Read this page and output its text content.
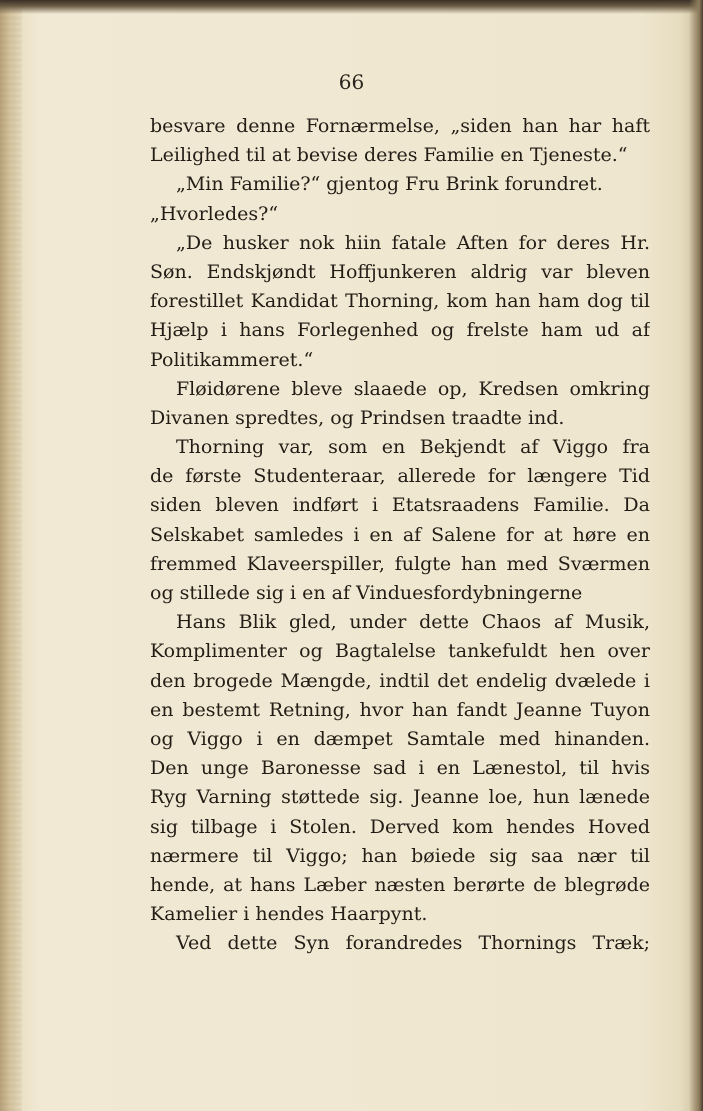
66
besvare denne Fornærmelse, „siden han har haft
Leilighed til at bevise deres Familie en Tjeneste.“
„Min Familie?“ gjentog Fru Brink forundret.
„Hvorledes?“
„De husker nok hiin fatale Aften for deres Hr.
Søn. Endskjøndt Hoffjunkeren aldrig var bleven
forestillet Kandidat Thorning, kom han ham dog til
Hjælp i hans Forlegenhed og frelste ham ud af
Politikammeret.“
Fløidørene bleve slaaede op, Kredsen omkring
Divanen spredtes, og Prindsen traadte ind.
Thorning var, som en Bekjendt af Viggo fra
de første Studenteraar, allerede for længere Tid
siden bleven indført i Etatsraadens Familie. Da
Selskabet samledes i en af Salene for at høre en
fremmed Klaveerspiller, fulgte han med Sværmen
og stillede sig i en af Vinduesfordybningerne
Hans Blik gled, under dette Chaos af Musik,
Komplimenter og Bagtalelse tankefuldt hen over
den brogede Mængde, indtil det endelig dvælede i
en bestemt Retning, hvor han fandt Jeanne Tuyon
og Viggo i en dæmpet Samtale med hinanden.
Den unge Baronesse sad i en Lænestol, til hvis
Ryg Varning støttede sig. Jeanne loe, hun lænede
sig tilbage i Stolen. Derved kom hendes Hoved
nærmere til Viggo; han bøiede sig saa nær til
hende, at hans Læber næsten berørte de blegrøde
Kamelier i hendes Haarpynt.
Ved dette Syn forandredes Thornings Træk;
